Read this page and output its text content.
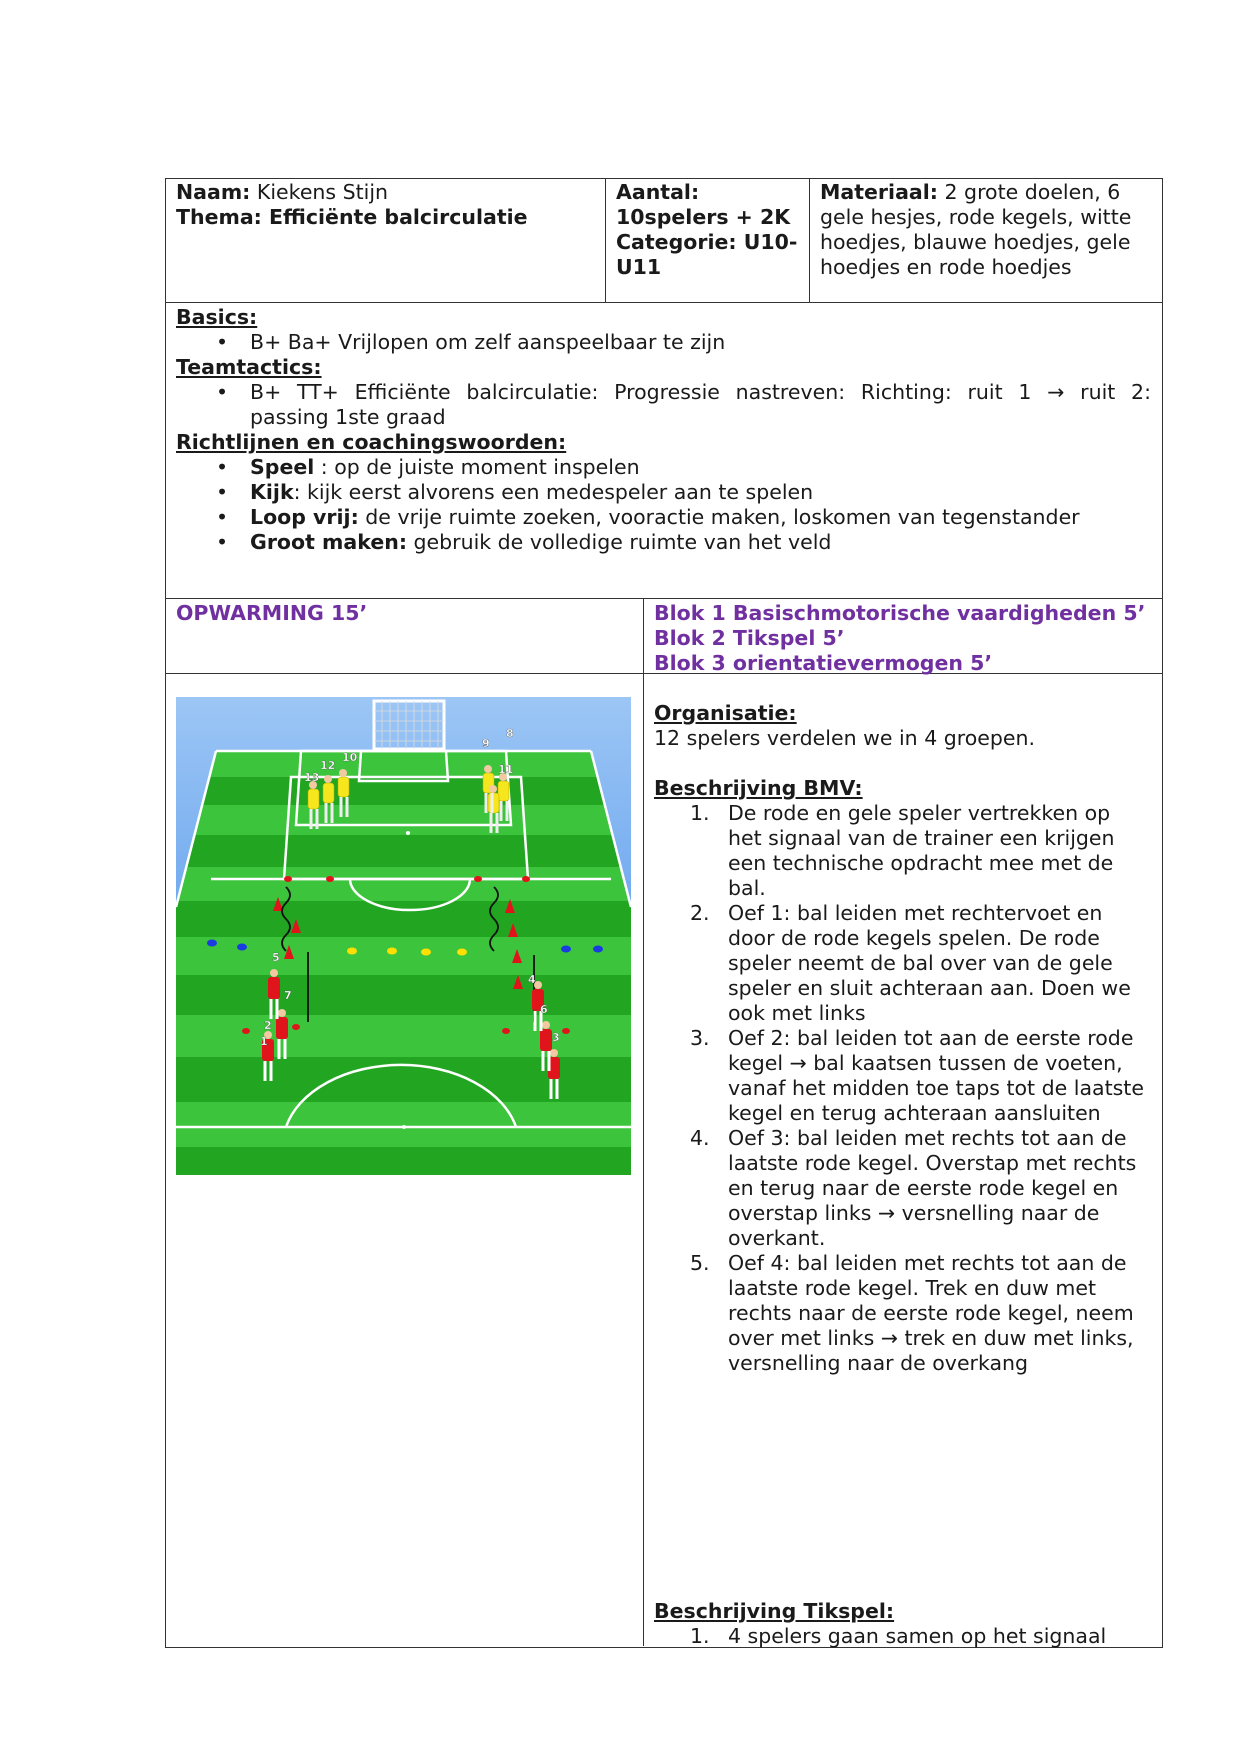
Naam: Kiekens Stijn
Thema: Efficiënte balcirculatie
Aantal:
10spelers + 2K
Categorie: U10-
U11
Materiaal: 2 grote doelen, 6
gele hesjes, rode kegels, witte
hoedjes, blauwe hoedjes, gele
hoedjes en rode hoedjes
Basics:
• B+ Ba+ Vrijlopen om zelf aanspeelbaar te zijn
Teamtactics:
• B+ TT+ Efficiënte balcirculatie: Progressie nastreven: Richting: ruit 1 → ruit 2:
passing 1ste graad
Richtlijnen en coachingswoorden:
• Speel : op de juiste moment inspelen
• Kijk: kijk eerst alvorens een medespeler aan te spelen
• Loop vrij: de vrije ruimte zoeken, vooractie maken, loskomen van tegenstander
• Groot maken: gebruik de volledige ruimte van het veld
OPWARMING 15’	Blok 1 Basischmotorische vaardigheden 5’
Blok 2 Tikspel 5’
Blok 3 orientatievermogen 5’
13
12
10
9
8
11
5
7
2
1
4
6
3
Organisatie:
12 spelers verdelen we in 4 groepen.
Beschrijving BMV:
1. De rode en gele speler vertrekken op
het signaal van de trainer een krijgen
een technische opdracht mee met de
bal.
2. Oef 1: bal leiden met rechtervoet en
door de rode kegels spelen. De rode
speler neemt de bal over van de gele
speler en sluit achteraan aan. Doen we
ook met links
3. Oef 2: bal leiden tot aan de eerste rode
kegel → bal kaatsen tussen de voeten,
vanaf het midden toe taps tot de laatste
kegel en terug achteraan aansluiten
4. Oef 3: bal leiden met rechts tot aan de
laatste rode kegel. Overstap met rechts
en terug naar de eerste rode kegel en
overstap links → versnelling naar de
overkant.
5. Oef 4: bal leiden met rechts tot aan de
laatste rode kegel. Trek en duw met
rechts naar de eerste rode kegel, neem
over met links → trek en duw met links,
versnelling naar de overkang
Beschrijving Tikspel:
1. 4 spelers gaan samen op het signaal
